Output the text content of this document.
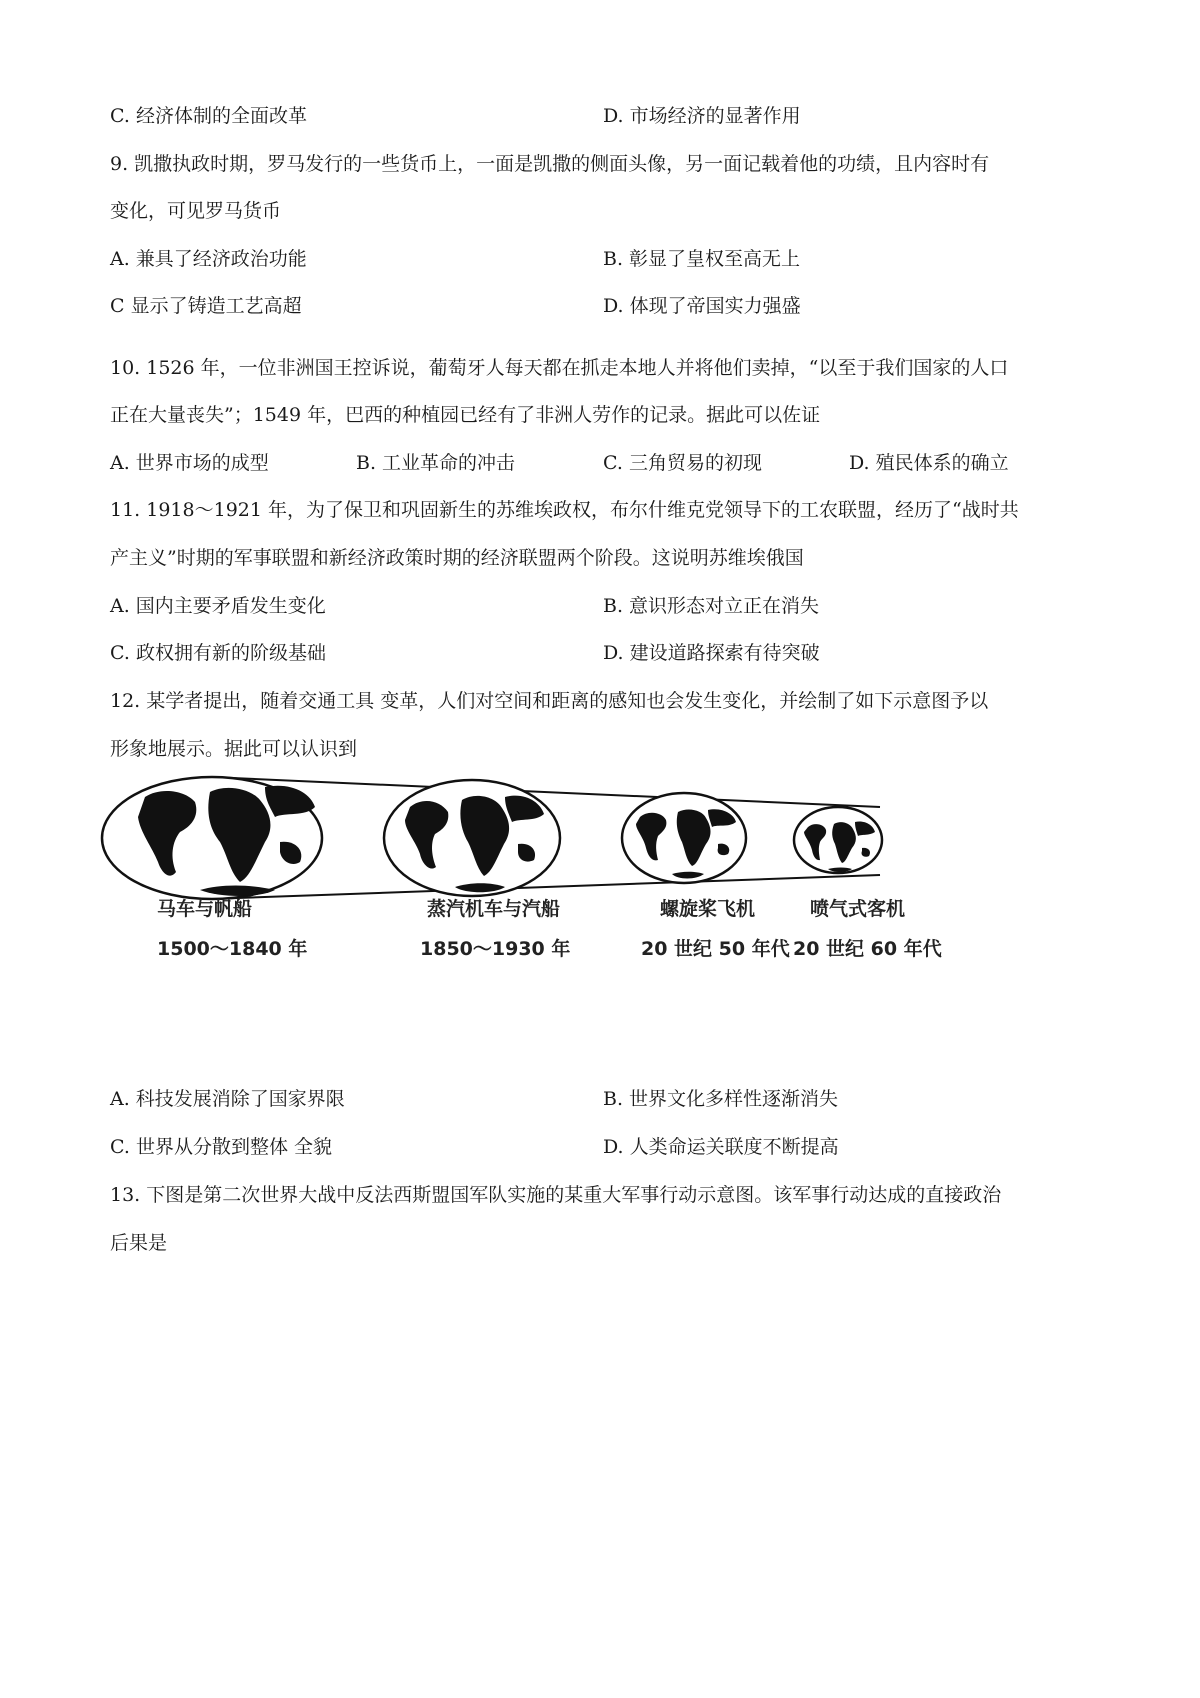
C. 经济体制的全面改革	D. 市场经济的显著作用
9. 凯撒执政时期，罗马发行的一些货币上，一面是凯撒的侧面头像，另一面记载着他的功绩，且内容时有
变化，可见罗马货币
A. 兼具了经济政治功能	B. 彰显了皇权至高无上
C 显示了铸造工艺高超	D. 体现了帝国实力强盛
10. 1526 年，一位非洲国王控诉说，葡萄牙人每天都在抓走本地人并将他们卖掉，“以至于我们国家的人口
正在大量丧失”；1549 年，巴西的种植园已经有了非洲人劳作的记录。据此可以佐证
A. 世界市场的成型	B. 工业革命的冲击	C. 三角贸易的初现	D. 殖民体系的确立
11. 1918～1921 年，为了保卫和巩固新生的苏维埃政权，布尔什维克党领导下的工农联盟，经历了“战时共
产主义”时期的军事联盟和新经济政策时期的经济联盟两个阶段。这说明苏维埃俄国
A. 国内主要矛盾发生变化	B. 意识形态对立正在消失
C. 政权拥有新的阶级基础	D. 建设道路探索有待突破
12. 某学者提出，随着交通工具 变革，人们对空间和距离的感知也会发生变化，并绘制了如下示意图予以
形象地展示。据此可以认识到
马车与帆船	蒸汽机车与汽船	螺旋桨飞机	喷气式客机
1500～1840 年	1850～1930 年	20 世纪 50 年代 20 世纪 60 年代
A. 科技发展消除了国家界限	B. 世界文化多样性逐渐消失
C. 世界从分散到整体 全貌	D. 人类命运关联度不断提高
13. 下图是第二次世界大战中反法西斯盟国军队实施的某重大军事行动示意图。该军事行动达成的直接政治
后果是
